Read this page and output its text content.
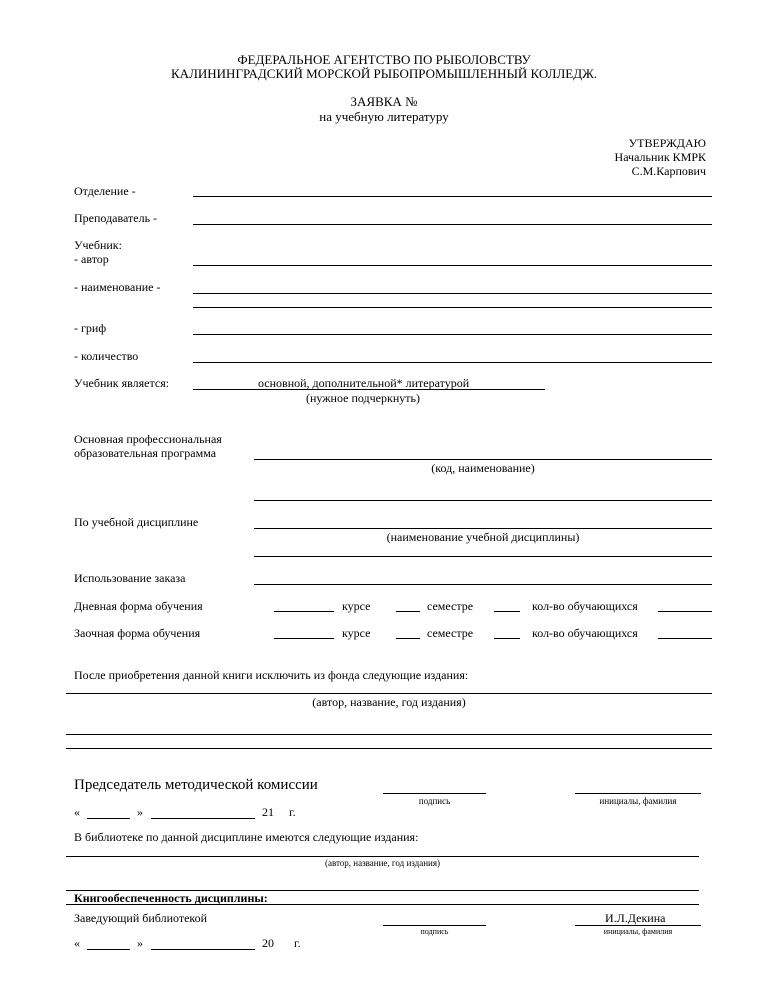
ФЕДЕРАЛЬНОЕ АГЕНТСТВО ПО РЫБОЛОВСТВУ
КАЛИНИНГРАДСКИЙ МОРСКОЙ РЫБОПРОМЫШЛЕННЫЙ КОЛЛЕДЖ.
ЗАЯВКА №
на учебную литературу
УТВЕРЖДАЮ
Начальник КМРК
С.М.Карпович
Отделение -
Преподаватель -
Учебник:
- автор
- наименование -
- гриф
- количество
Учебник является:	основной, дополнительной* литературой
(нужное подчеркнуть)
Основная профессиональная
образовательная программа
(код, наименование)
По учебной дисциплине
(наименование учебной дисциплины)
Использование заказа
Дневная форма обучения	курсе	семестре	кол-во обучающихся
Заочная форма обучения	курсе	семестре	кол-во обучающихся
После приобретения данной книги исключить из фонда следующие издания:
(автор, название, год издания)
Председатель методической комиссии
подпись	инициалы, фамилия
«	»	21 г.
В библиотеке по данной дисциплине имеются следующие издания:
(автор, название, год издания)
Книгообеспеченность дисциплины:
Заведующий библиотекой
подпись
И.Л.Декина
инициалы, фамилия
«	»	20 г.
